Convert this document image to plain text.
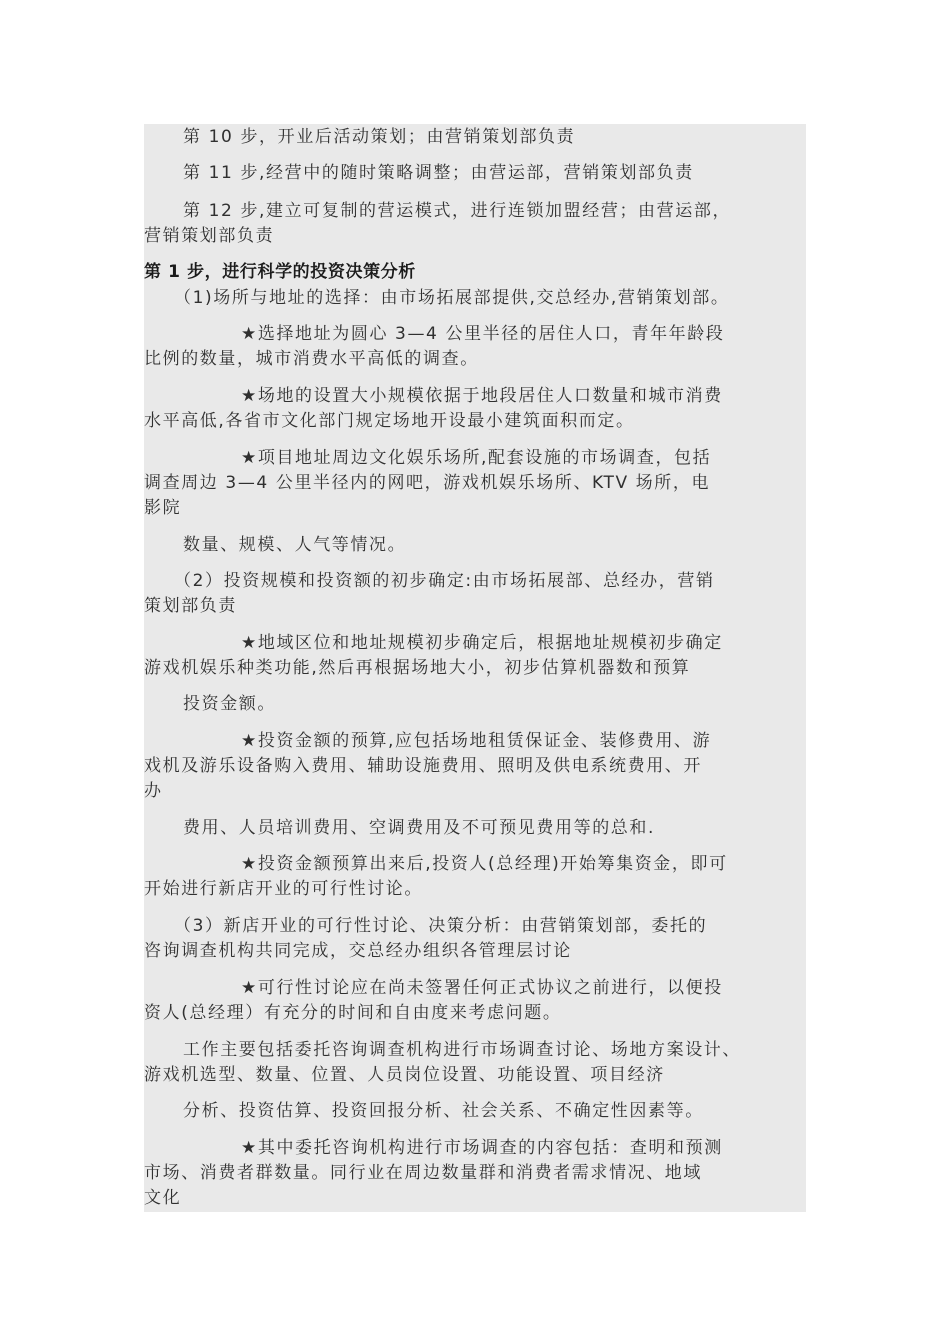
第 10 步，开业后活动策划；由营销策划部负责
第 11 步,经营中的随时策略调整；由营运部，营销策划部负责
第 12 步,建立可复制的营运模式，进行连锁加盟经营；由营运部，
营销策划部负责
第 1 步，进行科学的投资决策分析
（1)场所与地址的选择：由市场拓展部提供,交总经办,营销策划部。
★选择地址为圆心 3—4 公里半径的居住人口，青年年龄段
比例的数量，城市消费水平高低的调查。
★场地的设置大小规模依据于地段居住人口数量和城市消费
水平高低,各省市文化部门规定场地开设最小建筑面积而定。
★项目地址周边文化娱乐场所,配套设施的市场调查，包括
调查周边 3—4 公里半径内的网吧，游戏机娱乐场所、KTV 场所，电
影院
数量、规模、人气等情况。
（2）投资规模和投资额的初步确定:由市场拓展部、总经办，营销
策划部负责
★地域区位和地址规模初步确定后，根据地址规模初步确定
游戏机娱乐种类功能,然后再根据场地大小，初步估算机器数和预算
投资金额。
★投资金额的预算,应包括场地租赁保证金、装修费用、游
戏机及游乐设备购入费用、辅助设施费用、照明及供电系统费用、开
办
费用、人员培训费用、空调费用及不可预见费用等的总和.
★投资金额预算出来后,投资人(总经理)开始筹集资金，即可
开始进行新店开业的可行性讨论。
（3）新店开业的可行性讨论、决策分析：由营销策划部，委托的
咨询调查机构共同完成，交总经办组织各管理层讨论
★可行性讨论应在尚未签署任何正式协议之前进行，以便投
资人(总经理）有充分的时间和自由度来考虑问题。
工作主要包括委托咨询调查机构进行市场调查讨论、场地方案设计、
游戏机选型、数量、位置、人员岗位设置、功能设置、项目经济
分析、投资估算、投资回报分析、社会关系、不确定性因素等。
★其中委托咨询机构进行市场调查的内容包括：查明和预测
市场、消费者群数量。同行业在周边数量群和消费者需求情况、地域
文化
